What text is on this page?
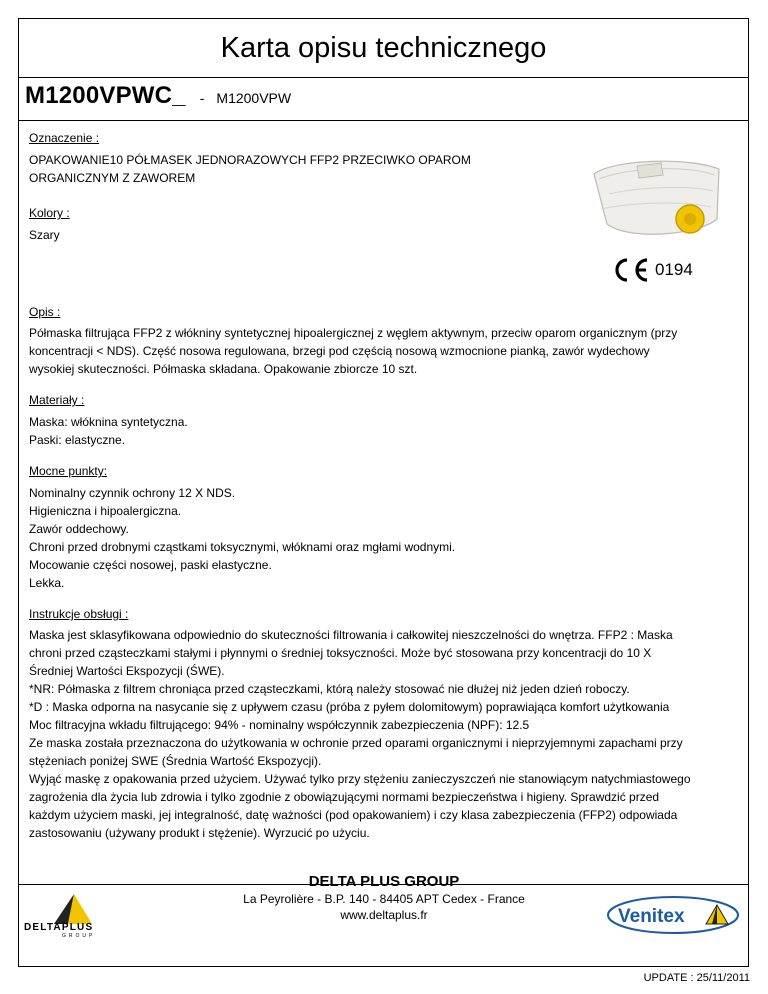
Karta opisu technicznego
M1200VPWC_ - M1200VPW
Oznaczenie :
OPAKOWANIE10 PÓŁMASEK JEDNORAZOWYCH FFP2 PRZECIWKO OPAROM
ORGANICZNYM Z ZAWOREM
Kolory :
Szary
0194
Opis :
Półmaska filtrująca FFP2 z włókniny syntetycznej hipoalergicznej z węglem aktywnym, przeciw oparom organicznym (przy
koncentracji < NDS). Część nosowa regulowana, brzegi pod częścią nosową wzmocnione pianką, zawór wydechowy
wysokiej skuteczności. Półmaska składana. Opakowanie zbiorcze 10 szt.
Materiały :
Maska: włóknina syntetyczna.
Paski: elastyczne.
Mocne punkty:
Nominalny czynnik ochrony 12 X NDS.
Higieniczna i hipoalergiczna.
Zawór oddechowy.
Chroni przed drobnymi cząstkami toksycznymi, włóknami oraz mgłami wodnymi.
Mocowanie części nosowej, paski elastyczne.
Lekka.
Instrukcje obsługi :
Maska jest sklasyfikowana odpowiednio do skuteczności filtrowania i całkowitej nieszczelności do wnętrza. FFP2 : Maska
chroni przed cząsteczkami stałymi i płynnymi o średniej toksyczności. Może być stosowana przy koncentracji do 10 X
Średniej Wartości Ekspozycji (ŚWE).
*NR: Półmaska z filtrem chroniąca przed cząsteczkami, którą należy stosować nie dłużej niż jeden dzień roboczy.
*D : Maska odporna na nasycanie się z upływem czasu (próba z pyłem dolomitowym) poprawiająca komfort użytkowania
Moc filtracyjna wkładu filtrującego: 94% - nominalny współczynnik zabezpieczenia (NPF): 12.5
Ze maska została przeznaczona do użytkowania w ochronie przed oparami organicznymi i nieprzyjemnymi zapachami przy
stężeniach poniżej SWE (Średnia Wartość Ekspozycji).
Wyjąć maskę z opakowania przed użyciem. Używać tylko przy stężeniu zanieczyszczeń nie stanowiącym natychmiastowego
zagrożenia dla życia lub zdrowia i tylko zgodnie z obowiązującymi normami bezpieczeństwa i higieny. Sprawdzić przed
każdym użyciem maski, jej integralność, datę ważności (pod opakowaniem) i czy klasa zabezpieczenia (FFP2) odpowiada
zastosowaniu (używany produkt i stężenie). Wyrzucić po użyciu.
DELTA PLUS GROUP
La Peyrolière - B.P. 140 - 84405 APT Cedex - France
www.deltaplus.fr
DELTAPLUS
GROUP
Venitex
UPDATE : 25/11/2011
